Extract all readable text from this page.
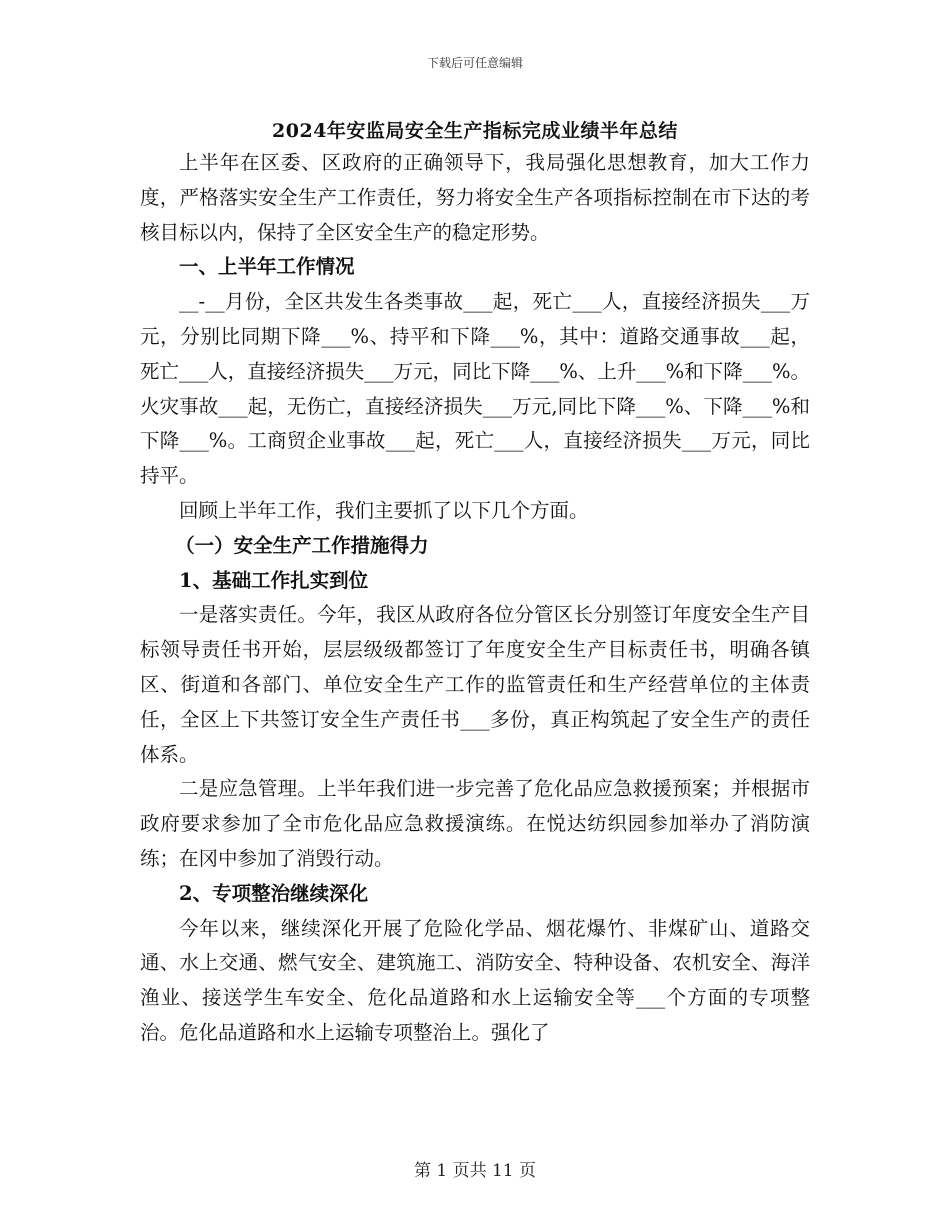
下载后可任意编辑
2024年安监局安全生产指标完成业绩半年总结

上半年在区委、区政府的正确领导下，我局强化思想教育，加大工作力度，严格落实安全生产工作责任，努力将安全生产各项指标控制在市下达的考核目标以内，保持了全区安全生产的稳定形势。

一、上半年工作情况

__-__月份，全区共发生各类事故___起，死亡___人，直接经济损失___万元，分别比同期下降___%、持平和下降___%，其中：道路交通事故___起，死亡___人，直接经济损失___万元，同比下降___%、上升___%和下降___%。火灾事故___起，无伤亡，直接经济损失___万元,同比下降___%、下降___%和下降___%。工商贸企业事故___起，死亡___人，直接经济损失___万元，同比持平。

回顾上半年工作，我们主要抓了以下几个方面。

（一）安全生产工作措施得力
1、基础工作扎实到位

一是落实责任。今年，我区从政府各位分管区长分别签订年度安全生产目标领导责任书开始，层层级级都签订了年度安全生产目标责任书，明确各镇区、街道和各部门、单位安全生产工作的监管责任和生产经营单位的主体责任，全区上下共签订安全生产责任书___多份，真正构筑起了安全生产的责任体系。

二是应急管理。上半年我们进一步完善了危化品应急救援预案；并根据市政府要求参加了全市危化品应急救援演练。在悦达纺织园参加举办了消防演练；在冈中参加了消毁行动。

2、专项整治继续深化

今年以来，继续深化开展了危险化学品、烟花爆竹、非煤矿山、道路交通、水上交通、燃气安全、建筑施工、消防安全、特种设备、农机安全、海洋渔业、接送学生车安全、危化品道路和水上运输安全等___个方面的专项整治。危化品道路和水上运输专项整治上。强化了

第 1 页共 11 页
